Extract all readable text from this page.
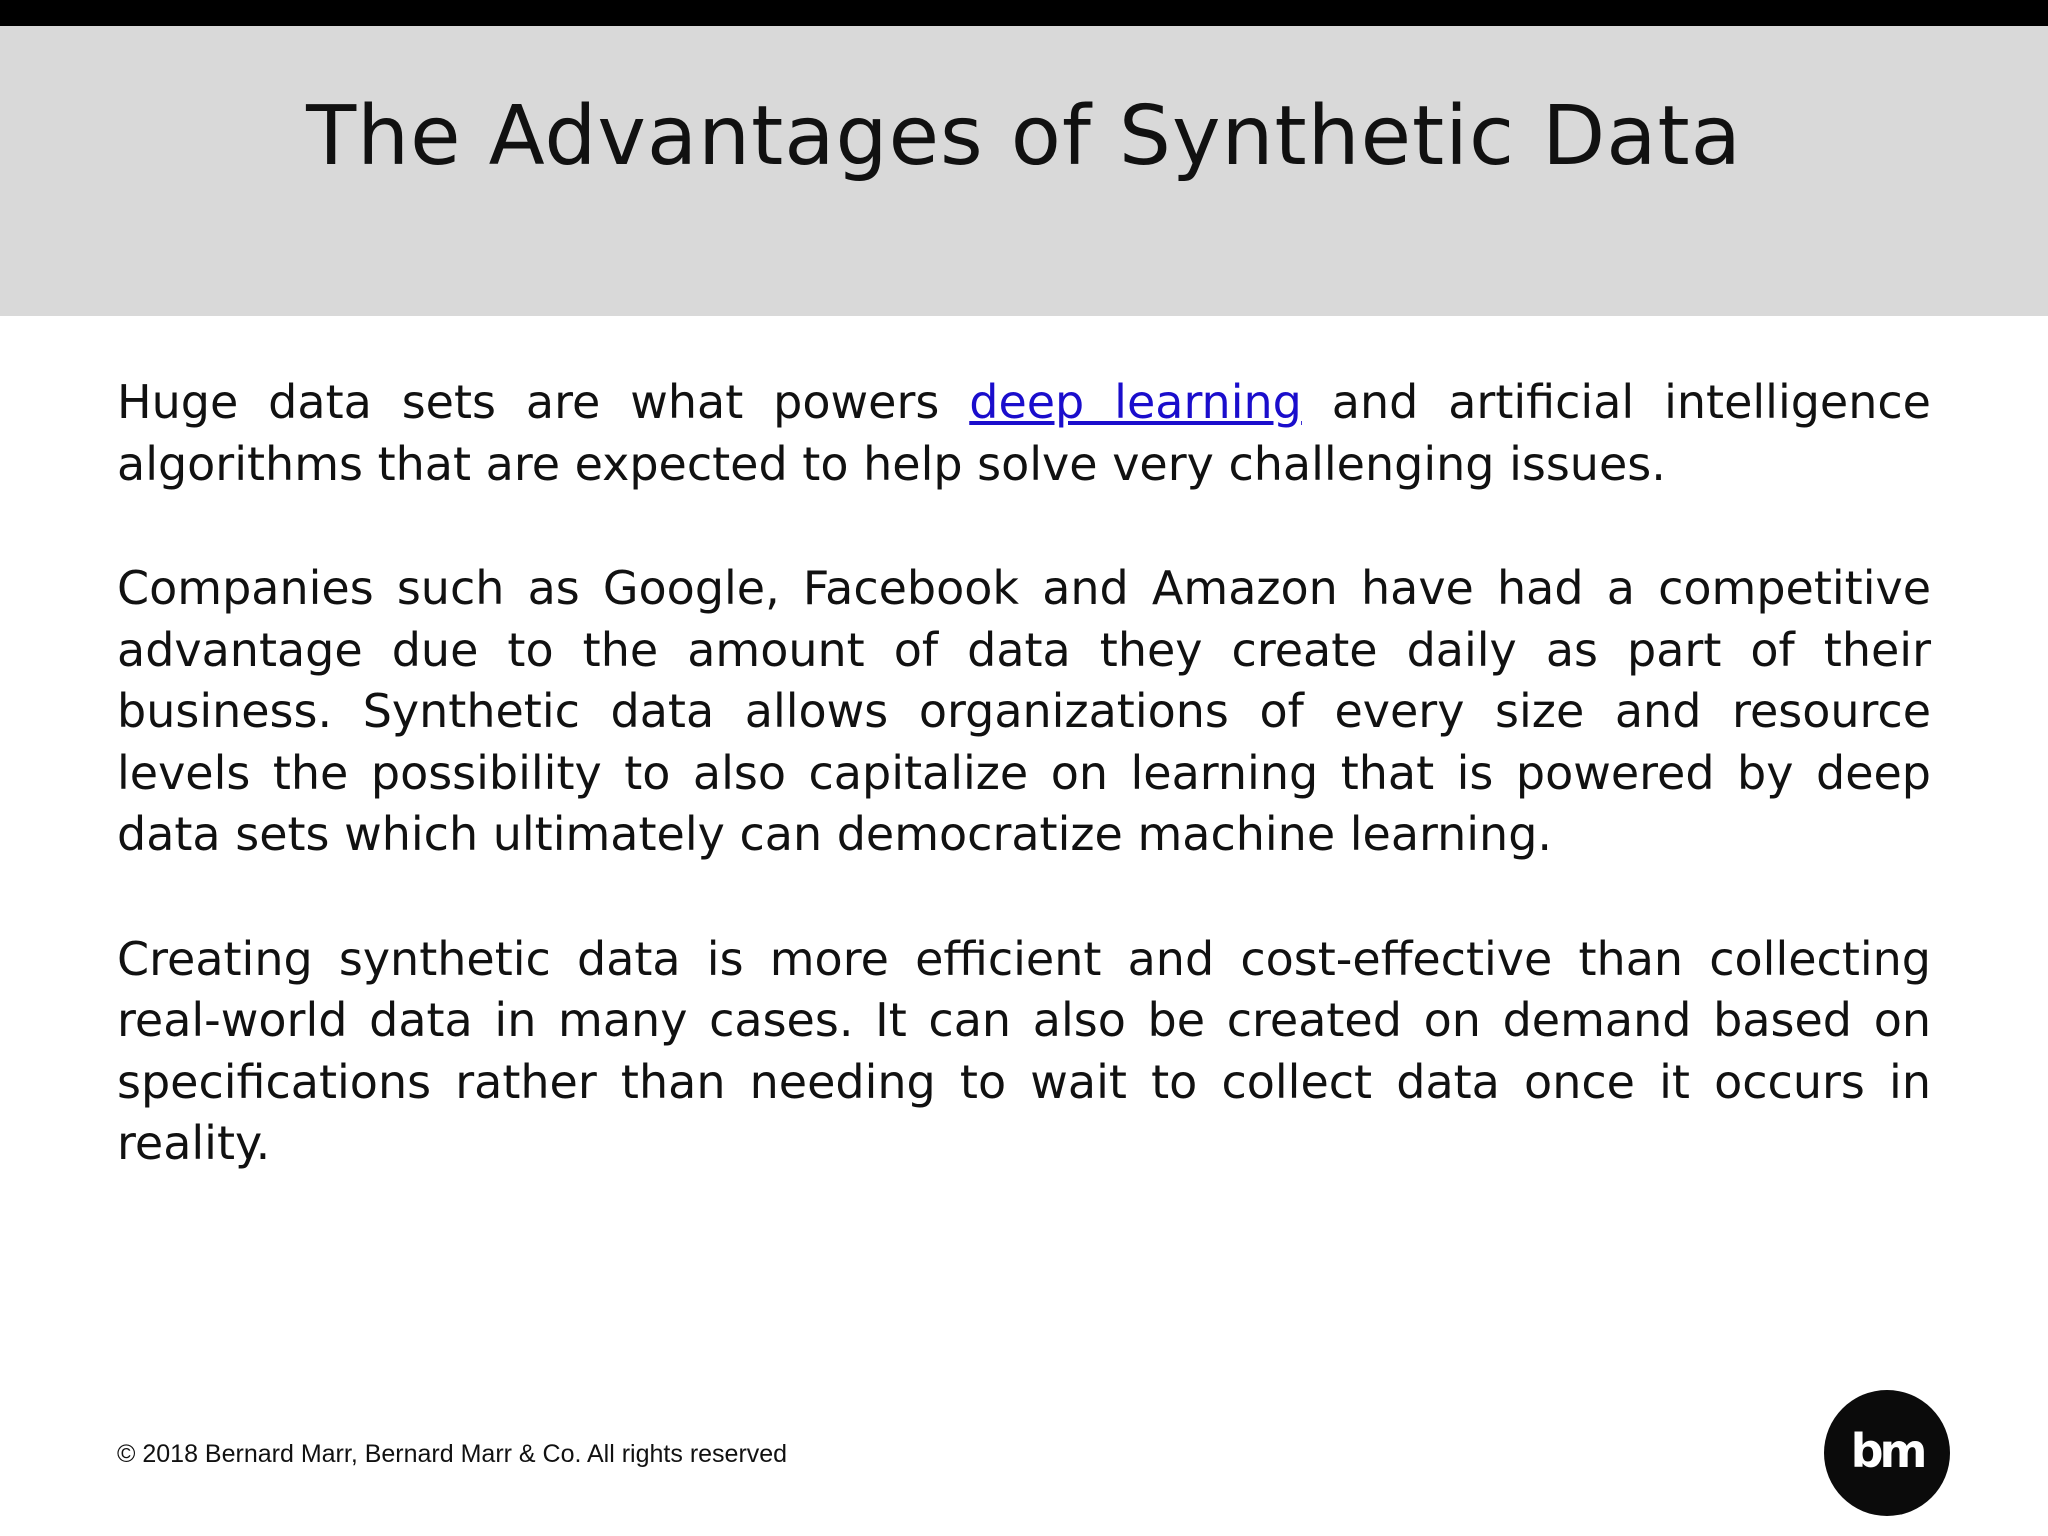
The Advantages of Synthetic Data

Huge data sets are what powers deep learning and artificial intelligence algorithms that are expected to help solve very challenging issues.

Companies such as Google, Facebook and Amazon have had a competitive advantage due to the amount of data they create daily as part of their business. Synthetic data allows organizations of every size and resource levels the possibility to also capitalize on learning that is powered by deep data sets which ultimately can democratize machine learning.

Creating synthetic data is more efficient and cost-effective than collecting real-world data in many cases. It can also be created on demand based on specifications rather than needing to wait to collect data once it occurs in reality.

© 2018 Bernard Marr, Bernard Marr & Co. All rights reserved	bm
